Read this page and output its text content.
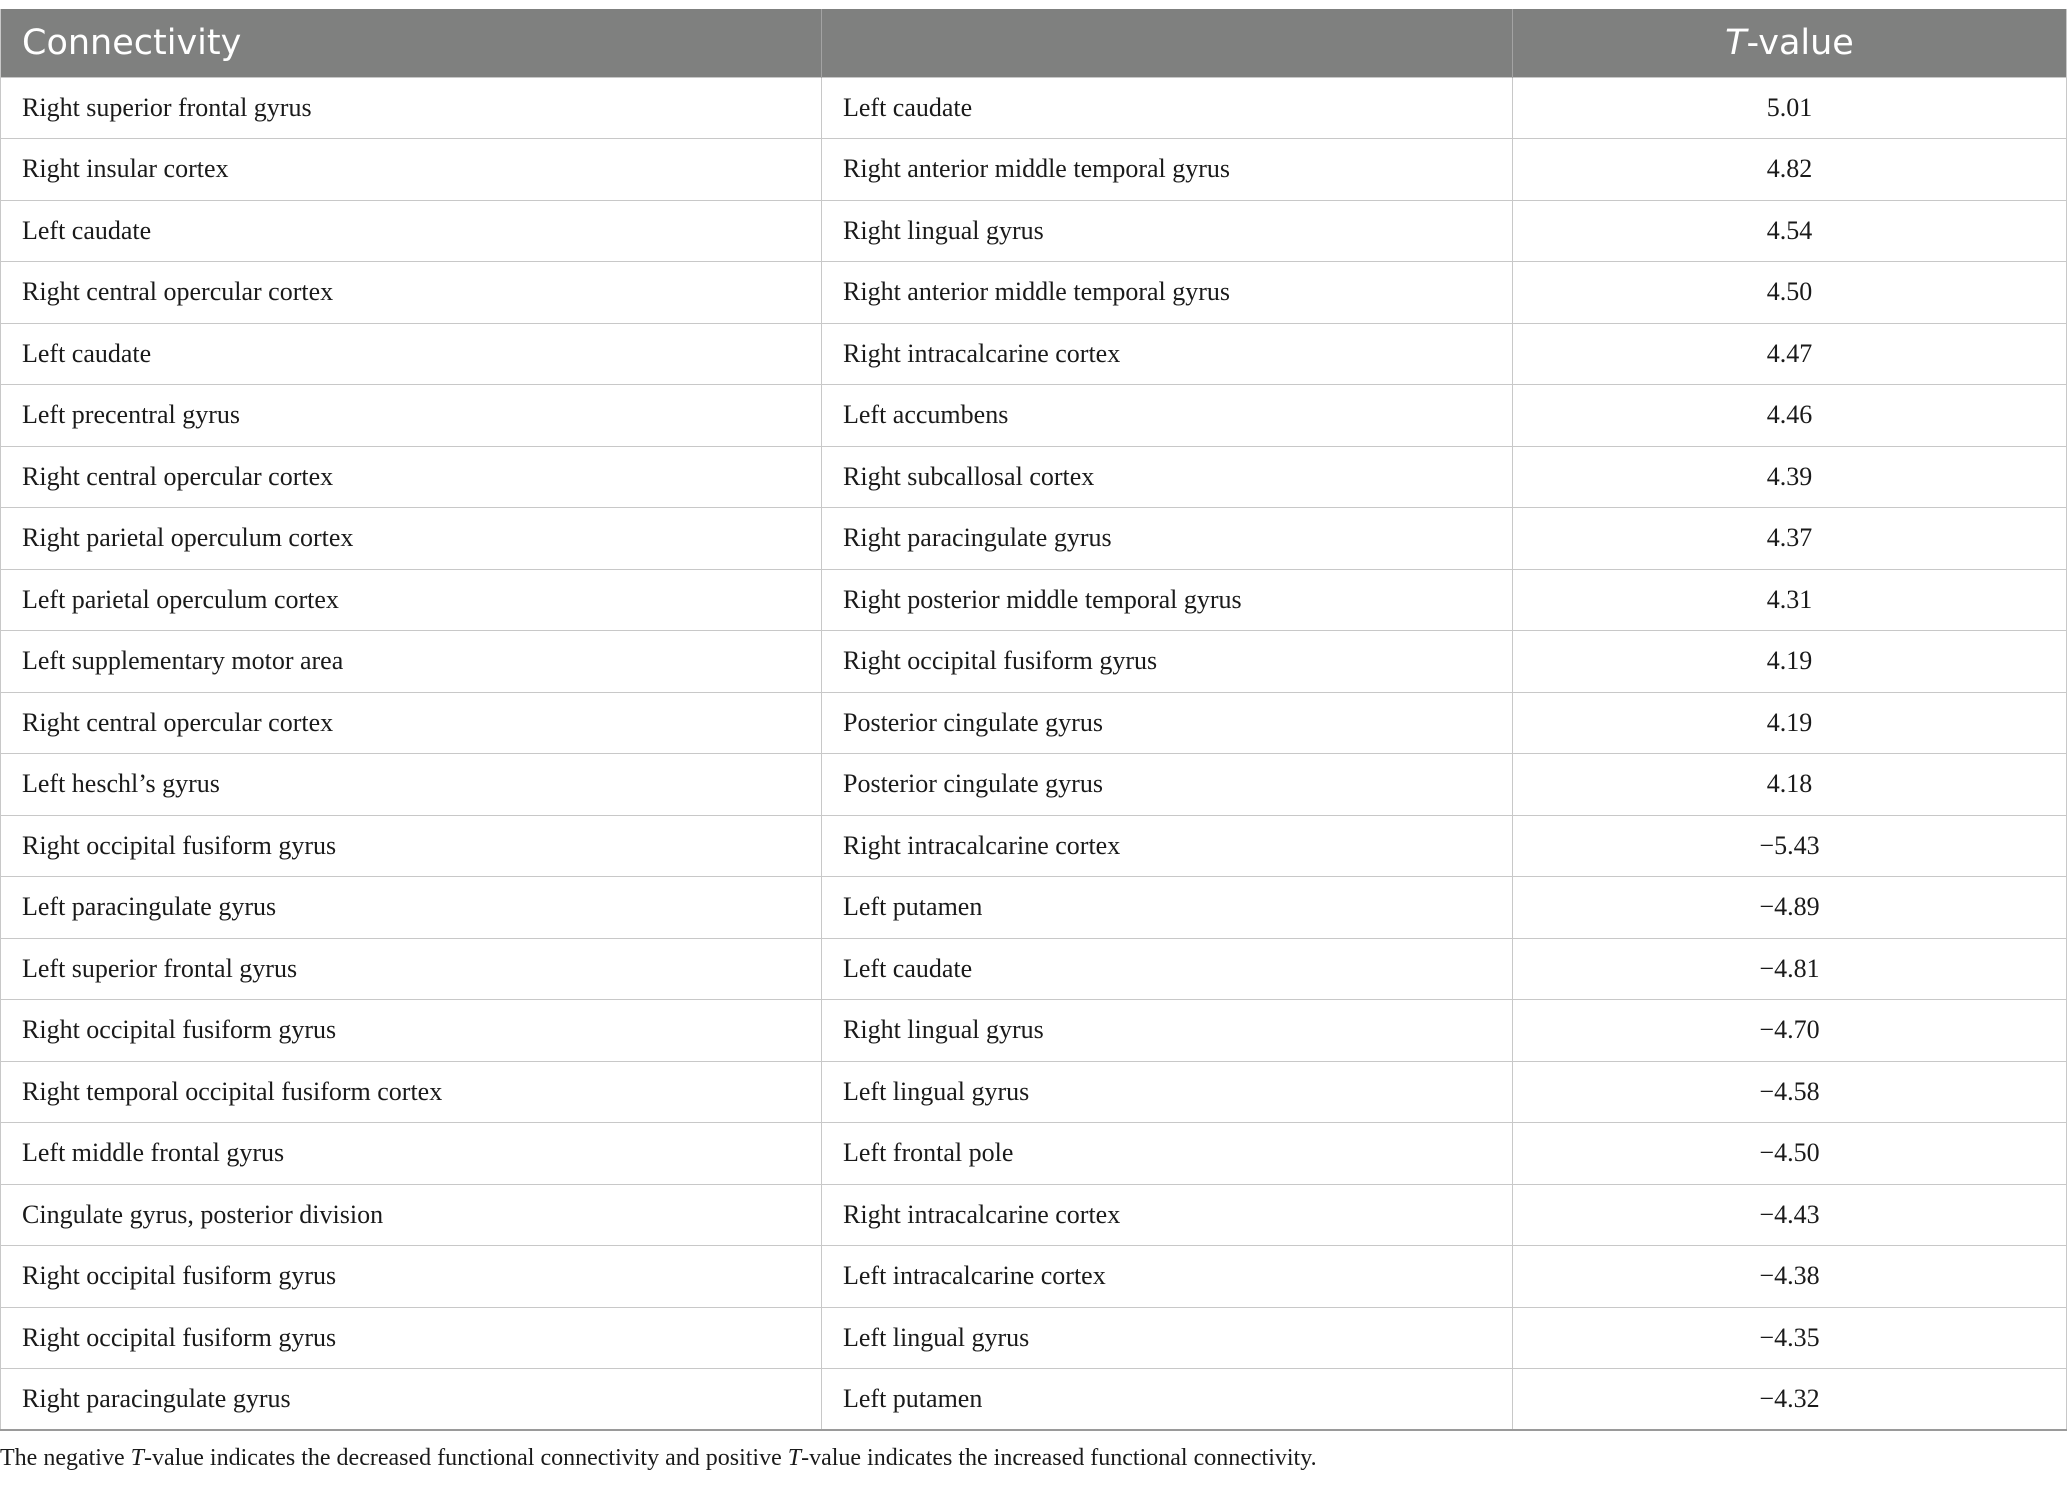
Connectivity		T-value
Right superior frontal gyrus	Left caudate	5.01
Right insular cortex	Right anterior middle temporal gyrus	4.82
Left caudate	Right lingual gyrus	4.54
Right central opercular cortex	Right anterior middle temporal gyrus	4.50
Left caudate	Right intracalcarine cortex	4.47
Left precentral gyrus	Left accumbens	4.46
Right central opercular cortex	Right subcallosal cortex	4.39
Right parietal operculum cortex	Right paracingulate gyrus	4.37
Left parietal operculum cortex	Right posterior middle temporal gyrus	4.31
Left supplementary motor area	Right occipital fusiform gyrus	4.19
Right central opercular cortex	Posterior cingulate gyrus	4.19
Left heschl’s gyrus	Posterior cingulate gyrus	4.18
Right occipital fusiform gyrus	Right intracalcarine cortex	−5.43
Left paracingulate gyrus	Left putamen	−4.89
Left superior frontal gyrus	Left caudate	−4.81
Right occipital fusiform gyrus	Right lingual gyrus	−4.70
Right temporal occipital fusiform cortex	Left lingual gyrus	−4.58
Left middle frontal gyrus	Left frontal pole	−4.50
Cingulate gyrus, posterior division	Right intracalcarine cortex	−4.43
Right occipital fusiform gyrus	Left intracalcarine cortex	−4.38
Right occipital fusiform gyrus	Left lingual gyrus	−4.35
Right paracingulate gyrus	Left putamen	−4.32
The negative T-value indicates the decreased functional connectivity and positive T-value indicates the increased functional connectivity.
